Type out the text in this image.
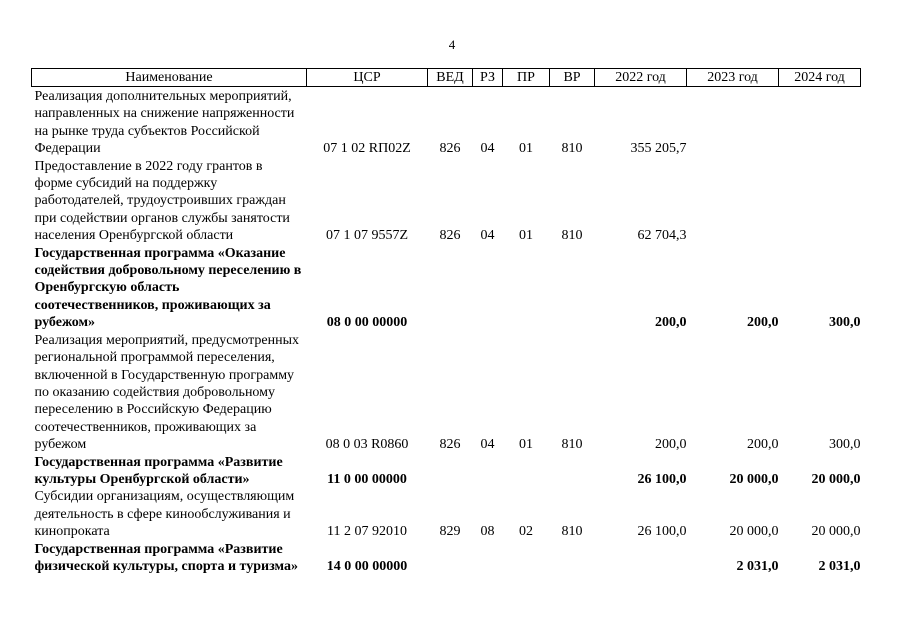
4
Наименование	ЦСР	ВЕД	РЗ	ПР	ВР	2022 год	2023 год	2024 год
Реализация дополнительных мероприятий, направленных на снижение напряженности на рынке труда субъектов Российской Федерации	07 1 02 RП02Z	826	04	01	810	355 205,7		
Предоставление в 2022 году грантов в форме субсидий на поддержку работодателей, трудоустроивших граждан при содействии органов службы занятости населения Оренбургской области	07 1 07 9557Z	826	04	01	810	62 704,3		
Государственная программа «Оказание содействия добровольному переселению в Оренбургскую область соотечественников, проживающих за рубежом»	08 0 00 00000					200,0	200,0	300,0
Реализация мероприятий, предусмотренных региональной программой переселения, включенной в Государственную программу по оказанию содействия добровольному переселению в Российскую Федерацию соотечественников, проживающих за рубежом	08 0 03 R0860	826	04	01	810	200,0	200,0	300,0
Государственная программа «Развитие культуры Оренбургской области»	11 0 00 00000					26 100,0	20 000,0	20 000,0
Субсидии организациям, осуществляющим деятельность в сфере кинообслуживания и кинопроката	11 2 07 92010	829	08	02	810	26 100,0	20 000,0	20 000,0
Государственная программа «Развитие физической культуры, спорта и туризма»	14 0 00 00000						2 031,0	2 031,0
